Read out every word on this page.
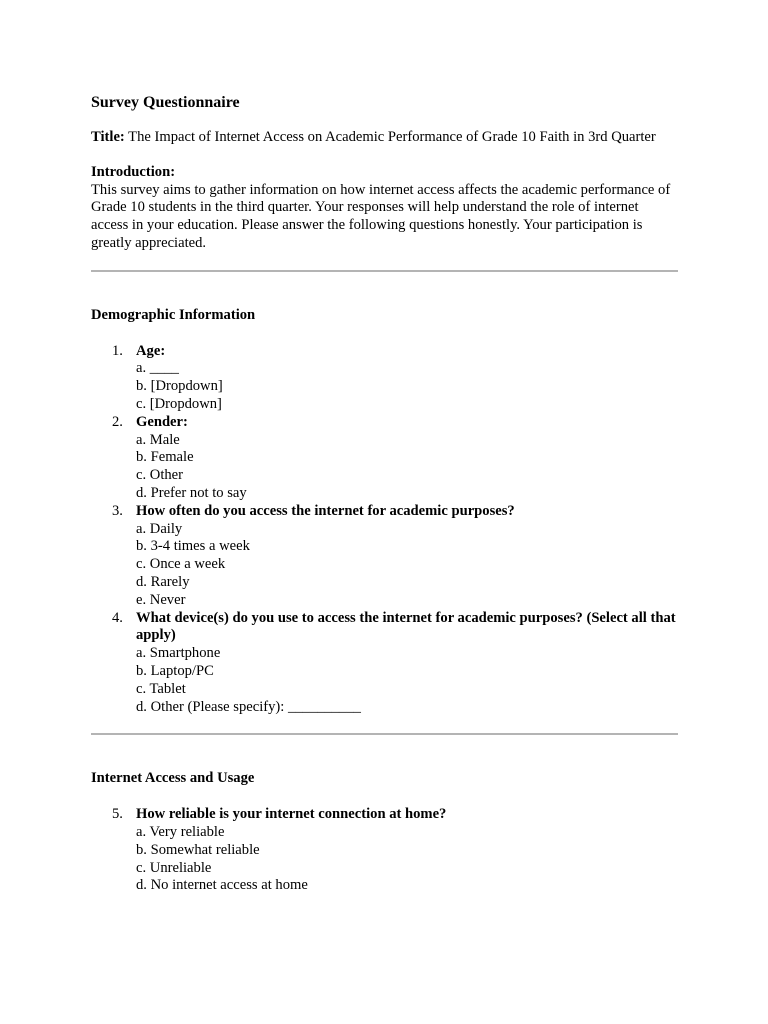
Survey Questionnaire

Title: The Impact of Internet Access on Academic Performance of Grade 10 Faith in 3rd Quarter

Introduction:

This survey aims to gather information on how internet access affects the academic performance of Grade 10 students in the third quarter. Your responses will help understand the role of internet access in your education. Please answer the following questions honestly. Your participation is greatly appreciated.

Demographic Information

1. Age:
a. ____
b. [Dropdown]
c. [Dropdown]
2. Gender:
a. Male
b. Female
c. Other
d. Prefer not to say
3. How often do you access the internet for academic purposes?
a. Daily
b. 3-4 times a week
c. Once a week
d. Rarely
e. Never
4. What device(s) do you use to access the internet for academic purposes? (Select all that apply)
a. Smartphone
b. Laptop/PC
c. Tablet
d. Other (Please specify): __________

Internet Access and Usage

5. How reliable is your internet connection at home?
a. Very reliable
b. Somewhat reliable
c. Unreliable
d. No internet access at home
